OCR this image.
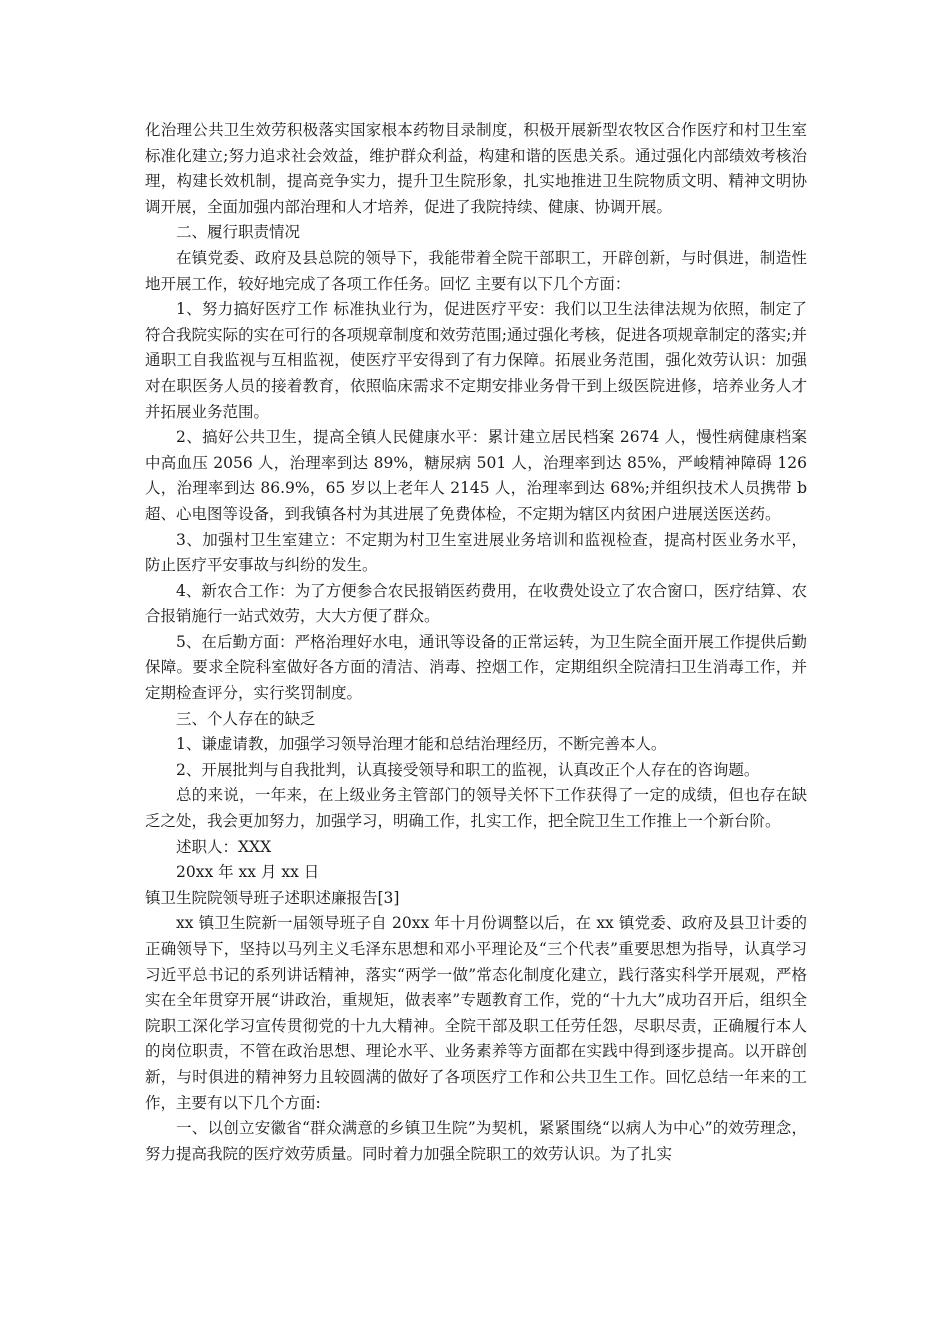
化治理公共卫生效劳积极落实国家根本药物目录制度，积极开展新型农牧区合作医疗和村卫生室标准化建立;努力追求社会效益，维护群众利益，构建和谐的医患关系。通过强化内部绩效考核治理，构建长效机制，提高竞争实力，提升卫生院形象，扎实地推进卫生院物质文明、精神文明协调开展，全面加强内部治理和人才培养，促进了我院持续、健康、协调开展。

二、履行职责情况

在镇党委、政府及县总院的领导下，我能带着全院干部职工，开辟创新，与时俱进，制造性地开展工作，较好地完成了各项工作任务。回忆 主要有以下几个方面：

1、努力搞好医疗工作 标准执业行为，促进医疗平安：我们以卫生法律法规为依照，制定了符合我院实际的实在可行的各项规章制度和效劳范围;通过强化考核，促进各项规章制定的落实;并通职工自我监视与互相监视，使医疗平安得到了有力保障。拓展业务范围，强化效劳认识：加强对在职医务人员的接着教育，依照临床需求不定期安排业务骨干到上级医院进修，培养业务人才并拓展业务范围。

2、搞好公共卫生，提高全镇人民健康水平：累计建立居民档案 2674 人，慢性病健康档案中高血压 2056 人，治理率到达 89%，糖尿病 501 人，治理率到达 85%，严峻精神障碍 126 人，治理率到达 86.9%，65 岁以上老年人 2145 人，治理率到达 68%;并组织技术人员携带 b 超、心电图等设备，到我镇各村为其进展了免费体检，不定期为辖区内贫困户进展送医送药。

3、加强村卫生室建立：不定期为村卫生室进展业务培训和监视检查，提高村医业务水平， 防止医疗平安事故与纠纷的发生。

4、新农合工作：为了方便参合农民报销医药费用，在收费处设立了农合窗口，医疗结算、农合报销施行一站式效劳，大大方便了群众。

5、在后勤方面：严格治理好水电，通讯等设备的正常运转，为卫生院全面开展工作提供后勤保障。要求全院科室做好各方面的清洁、消毒、控烟工作，定期组织全院清扫卫生消毒工作，并定期检查评分，实行奖罚制度。

三、个人存在的缺乏

1、谦虚请教，加强学习领导治理才能和总结治理经历，不断完善本人。

2、开展批判与自我批判，认真接受领导和职工的监视，认真改正个人存在的咨询题。

总的来说，一年来，在上级业务主管部门的领导关怀下工作获得了一定的成绩，但也存在缺乏之处，我会更加努力，加强学习，明确工作，扎实工作，把全院卫生工作推上一个新台阶。

述职人：XXX

20xx 年 xx 月 xx 日

镇卫生院院领导班子述职述廉报告[3]

xx 镇卫生院新一届领导班子自 20xx 年十月份调整以后，在 xx 镇党委、政府及县卫计委的正确领导下，坚持以马列主义毛泽东思想和邓小平理论及“三个代表”重要思想为指导，认真学习习近平总书记的系列讲话精神，落实“两学一做”常态化制度化建立，践行落实科学开展观，严格实在全年贯穿开展“讲政治，重规矩，做表率”专题教育工作，党的“十九大”成功召开后，组织全院职工深化学习宣传贯彻党的十九大精神。全院干部及职工任劳任怨，尽职尽责，正确履行本人的岗位职责，不管在政治思想、理论水平、业务素养等方面都在实践中得到逐步提高。以开辟创新，与时俱进的精神努力且较圆满的做好了各项医疗工作和公共卫生工作。回忆总结一年来的工作，主要有以下几个方面:

一、以创立安徽省“群众满意的乡镇卫生院”为契机，紧紧围绕“以病人为中心”的效劳理念，努力提高我院的医疗效劳质量。同时着力加强全院职工的效劳认识。为了扎实
